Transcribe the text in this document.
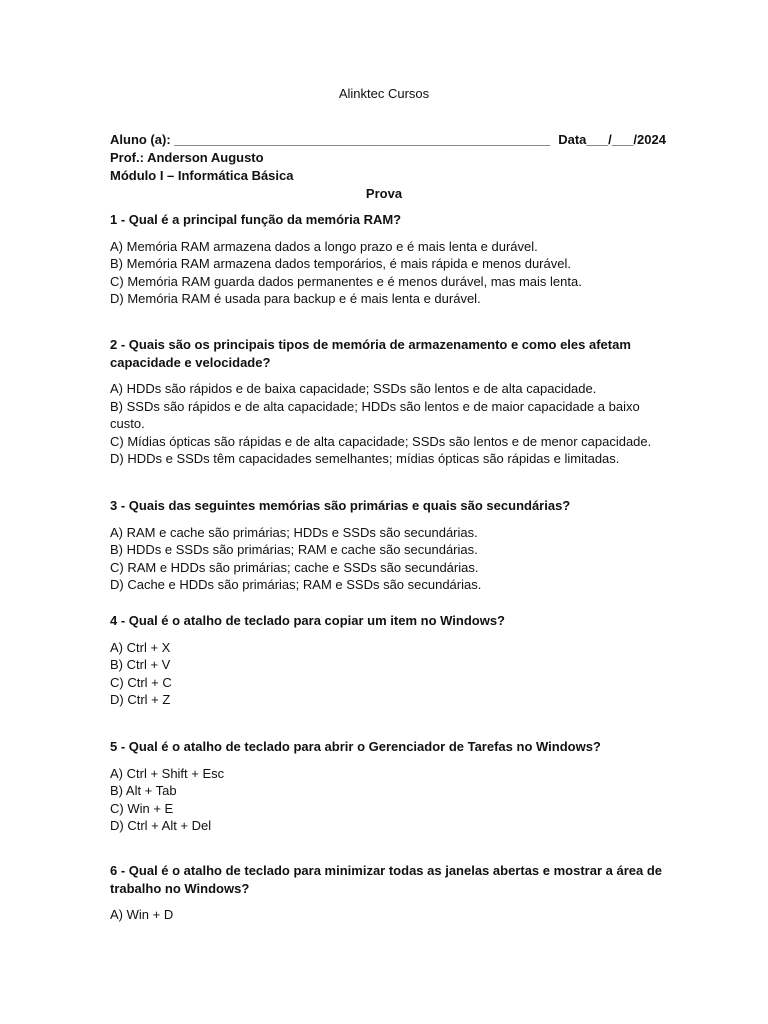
Alinktec Cursos
Aluno (a): ____________________________________________________ Data___/___/2024
Prof.: Anderson Augusto
Módulo I – Informática Básica
Prova

1 - Qual é a principal função da memória RAM?

A) Memória RAM armazena dados a longo prazo e é mais lenta e durável.

B) Memória RAM armazena dados temporários, é mais rápida e menos durável.

C) Memória RAM guarda dados permanentes e é menos durável, mas mais lenta.

D) Memória RAM é usada para backup e é mais lenta e durável.

2 - Quais são os principais tipos de memória de armazenamento e como eles afetam capacidade e velocidade?

A) HDDs são rápidos e de baixa capacidade; SSDs são lentos e de alta capacidade.

B) SSDs são rápidos e de alta capacidade; HDDs são lentos e de maior capacidade a baixo custo.

C) Mídias ópticas são rápidas e de alta capacidade; SSDs são lentos e de menor capacidade.

D) HDDs e SSDs têm capacidades semelhantes; mídias ópticas são rápidas e limitadas.

3 - Quais das seguintes memórias são primárias e quais são secundárias?

A) RAM e cache são primárias; HDDs e SSDs são secundárias.

B) HDDs e SSDs são primárias; RAM e cache são secundárias.

C) RAM e HDDs são primárias; cache e SSDs são secundárias.

D) Cache e HDDs são primárias; RAM e SSDs são secundárias.

4 - Qual é o atalho de teclado para copiar um item no Windows?

A) Ctrl + X

B) Ctrl + V

C) Ctrl + C

D) Ctrl + Z

5 - Qual é o atalho de teclado para abrir o Gerenciador de Tarefas no Windows?

A) Ctrl + Shift + Esc

B) Alt + Tab

C) Win + E

D) Ctrl + Alt + Del

6 - Qual é o atalho de teclado para minimizar todas as janelas abertas e mostrar a área de trabalho no Windows?

A) Win + D
